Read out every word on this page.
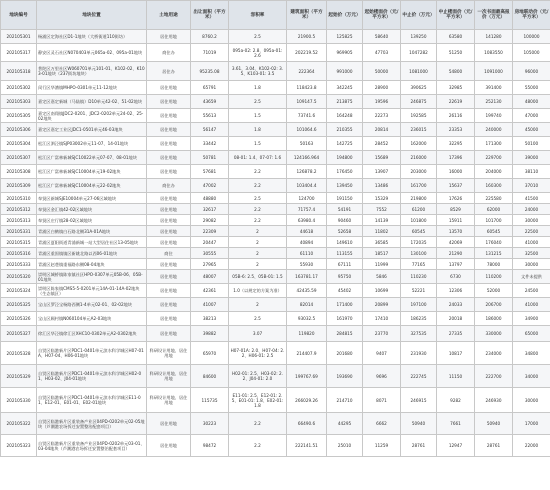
地块编号	地块位置	土地用途	出让面积（平方米）	容积率	建筑面积（平方米）	起始价（万元）	起始楼面价（元/平方米）	中止价（万元）	中止楼面价（元/平方米）	一次书面最高报价（万元）	房地联动价（元/平方米）
202105301	杨浦区定海社区D1-1地块（大桥街道110街坊）	居住用地	8760.2	2.5	21900.5	125825	58640	139250	63580	141280	100000
202105317	静安区灵石社区N070403单元065a-02、095a-01地块	商住办	71019	095a-02: 2.8、095a-01: 2.6	202219.52	969905	47703	1047282	51250	1083550	105000
202105318	普陀区万里社区W060701单元101-01、K102-02、K103-01地块（237街坊地块）	居住办	95235.08	3.61、3.04、K102-02: 3.5、K103-01: 3.5	222364	991000	50000	1081000	54800	1091000	96000
202105302	闵行区华漕镇MHPO-0301单元11-12地块	居住用地	65791	1.8	118423.8	342245	28900	390625	32985	391400	55000
202105303	嘉定区嘉定新城（马陆镇）D10单元42-02、51-02地块	居住用地	43659	2.5	109147.5	213875	19596	246875	22619	252130	48000
202105305	嘉定区南翔镇JDC2-0201、JDC2-0202单元24-02、25-02地块	居住用地	55613	1.5	73741.6	164248	22273	192585	26116	199740	47000
202105306	嘉定区嘉定工业区JDC1-0501单元46-03地块	居住用地	56147	1.8	101064.6	210355	20814	236015	23353	240000	45000
202105304	松江区泗泾镇SJP03002单元11-07、14-01地块	居住用地	33442	1.5	50163	142725	28452	162000	32295	171300	50100
202105307	松江区广富林新城SJC10022单元07-07、08-01地块	居住用地	50781	08-01: 1.4、07-07: 1.6	124166.964	194800	15689	216000	17396	229700	39000
202105308	松江区广富林新城SJC10004单元19-02地块	居住用地	57681	2.2	126878.2	176450	13907	203000	16000	204000	38110
202105309	松江区广富林新城SJC10004单元22-02地块	商住办	47002	2.2	103404.4	139450	13486	161700	15637	160300	37010
202105310	奉贤区新城SJE10004单元27-06区域地块	居住用地	48880	2.5	124700	191150	15329	219800	17626	225580	41500
202105312	奉贤区金汇镇42-02区域地块	居住用地	32617	2.2	71757.4	54191	7552	61200	8529	62000	24000
202105313	奉贤区庄行镇28-02区域地块	居住用地	29082	2.2	63980.4	90460	14139	101800	15911	101700	30000
202105331	青浦区白鹤镇白石路北侧31A-01A地块	居住用地	22309	2	44618	52658	11802	60545	13570	60545	22500
202105315	青浦区夏阳街道青浦新城一站大型居住社区13-05地块	居住用地	20447	2	40894	149610	36585	172035	42069	176040	41000
202105316	青浦区重固镇镇区新姚北路以西06-01地块	商住	30555	2	61110	113155	18517	130100	21290	131215	32500
202105333	青浦区赵巷镇重福路东侧08-04地块	居住用地	27965	2	55930	67111	11999	77165	13797	78000	30000
202105320	崇明区城桥镇陈家镇社区HPO-0307单元05B-06、05B-01地块	居住用地	48007	05B-6: 2.5、05B-01: 1.5	163781.17	95750	5846	110230	6730	110200	文件未提供
202105324	崇明区陈家镇CMS5-5-0201单元14A-01-14A-02地块（生态镇区）	居住用地	42361	1.0（以规定的方案为准）	42435.59	45402	10699	52221	12306	52000	24500
202105325	宝山区罗泾宝杨路西侧1-4单元02-01、02-02地块	居住用地	41007	2	82014	171400	20899	197100	24033	206700	41000
202105326	宝山区顾村镇N060104单元A2-03地块	居住用地	38213	2.5	93032.5	161970	17410	186235	20018	186000	34900
202105327	徐汇区华泾镇徐汇区XHC10-0302单元A2-0302地块	居住用地	39882	3.07	119820	284815	23770	327535	27335	330000	65000
202105328	自贸区临港新片区PDC1-0401单元滨水科学城区H07-01A、H07-04、H06-01地块	科研设计用地、居住用地	65970	H07-01A: 2.0、H07-04: 2.2、H06-01: 2.5	214407.9	201680	9407	231930	10817	234000	34800
202105329	自贸区临港新片区PDC1-0401单元滨水科学城区H02-01、H03-02、J04-01地块	科研设计用地、居住用地	84600	H02-01: 2.5、H03-02: 2.2、J04-01: 2.0	199767.69	193690	9696	222745	11150	222700	34000
202105330	自贸区临港新片区PDC1-0401单元滨水科学城区E11-01、E12-01、E01-01、E02-01地块	科研设计用地、居住用地	115735	E11-01: 2.5、E12-01: 2.5、E01-01: 1.8、E02-01: 1.8	266029.26	214710	8071	246915	9282	246930	30000
202105322	自贸区临港新片区重装备产业区04PD-0202单元02-05地块（芦潮港农场拆迁安置整治配套项目）	居住用地	30223	2.2	66490.6	44295	6662	50940	7661	50940	17000
202105323	自贸区临港新片区重装备产业区04PD-0202单元03-01、03-04地块（芦潮港农场拆迁安置整治配套项目）	居住用地	98472	2.2	222141.51	25010	11259	28761	12947	28761	22000
